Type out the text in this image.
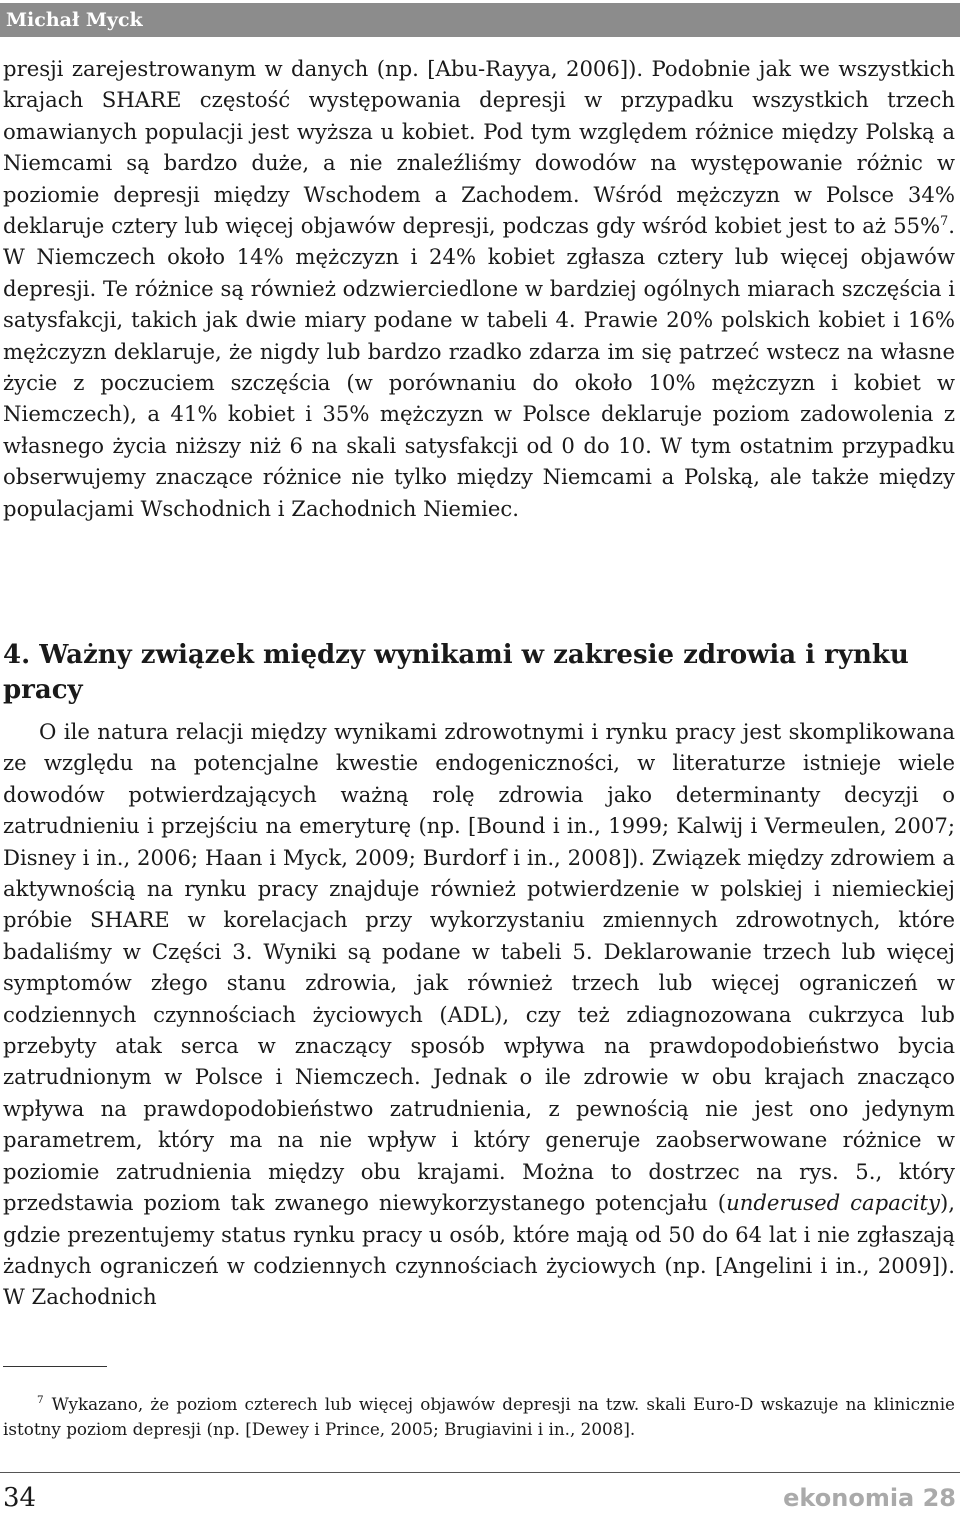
Michał Myck
presji zarejestrowanym w danych (np. [Abu-Rayya, 2006]). Podobnie jak we wszystkich krajach SHARE częstość występowania depresji w przypadku wszystkich trzech omawianych populacji jest wyższa u kobiet. Pod tym względem różnice między Polską a Niemcami są bardzo duże, a nie znaleźliśmy dowodów na występowanie różnic w poziomie depresji między Wschodem a Zachodem. Wśród mężczyzn w Polsce 34% deklaruje cztery lub więcej objawów depresji, podczas gdy wśród kobiet jest to aż 55%$^7$. W Niemczech około 14% mężczyzn i 24% kobiet zgłasza cztery lub więcej objawów depresji. Te różnice są również odzwierciedlone w bardziej ogólnych miarach szczęścia i satysfakcji, takich jak dwie miary podane w tabeli 4. Prawie 20% polskich kobiet i 16% mężczyzn deklaruje, że nigdy lub bardzo rzadko zdarza im się patrzeć wstecz na własne życie z poczuciem szczęścia (w porównaniu do około 10% mężczyzn i kobiet w Niemczech), a 41% kobiet i 35% mężczyzn w Polsce deklaruje poziom zadowolenia z własnego życia niższy niż 6 na skali satysfakcji od 0 do 10. W tym ostatnim przypadku obserwujemy znaczące różnice nie tylko między Niemcami a Polską, ale także między populacjami Wschodnich i Zachodnich Niemiec.
4. Ważny związek między wynikami w zakresie zdrowia i rynku pracy
O ile natura relacji między wynikami zdrowotnymi i rynku pracy jest skomplikowana ze względu na potencjalne kwestie endogeniczności, w literaturze istnieje wiele dowodów potwierdzających ważną rolę zdrowia jako determinanty decyzji o zatrudnieniu i przejściu na emeryturę (np. [Bound i in., 1999; Kalwij i Vermeulen, 2007; Disney i in., 2006; Haan i Myck, 2009; Burdorf i in., 2008]). Związek między zdrowiem a aktywnością na rynku pracy znajduje również potwierdzenie w polskiej i niemieckiej próbie SHARE w korelacjach przy wykorzystaniu zmiennych zdrowotnych, które badaliśmy w Części 3. Wyniki są podane w tabeli 5. Deklarowanie trzech lub więcej symptomów złego stanu zdrowia, jak również trzech lub więcej ograniczeń w codziennych czynnościach życiowych (ADL), czy też zdiagnozowana cukrzyca lub przebyty atak serca w znaczący sposób wpływa na prawdopodobieństwo bycia zatrudnionym w Polsce i Niemczech. Jednak o ile zdrowie w obu krajach znacząco wpływa na prawdopodobieństwo zatrudnienia, z pewnością nie jest ono jedynym parametrem, który ma na nie wpływ i który generuje zaobserwowane różnice w poziomie zatrudnienia między obu krajami. Można to dostrzec na rys. 5., który przedstawia poziom tak zwanego niewykorzystanego potencjału (underused capacity), gdzie prezentujemy status rynku pracy u osób, które mają od 50 do 64 lat i nie zgłaszają żadnych ograniczeń w codziennych czynnościach życiowych (np. [Angelini i in., 2009]). W Zachodnich
$^7$ Wykazano, że poziom czterech lub więcej objawów depresji na tzw. skali Euro-D wskazuje na klinicznie istotny poziom depresji (np. [Dewey i Prince, 2005; Brugiavini i in., 2008].
34	ekonomia 28
